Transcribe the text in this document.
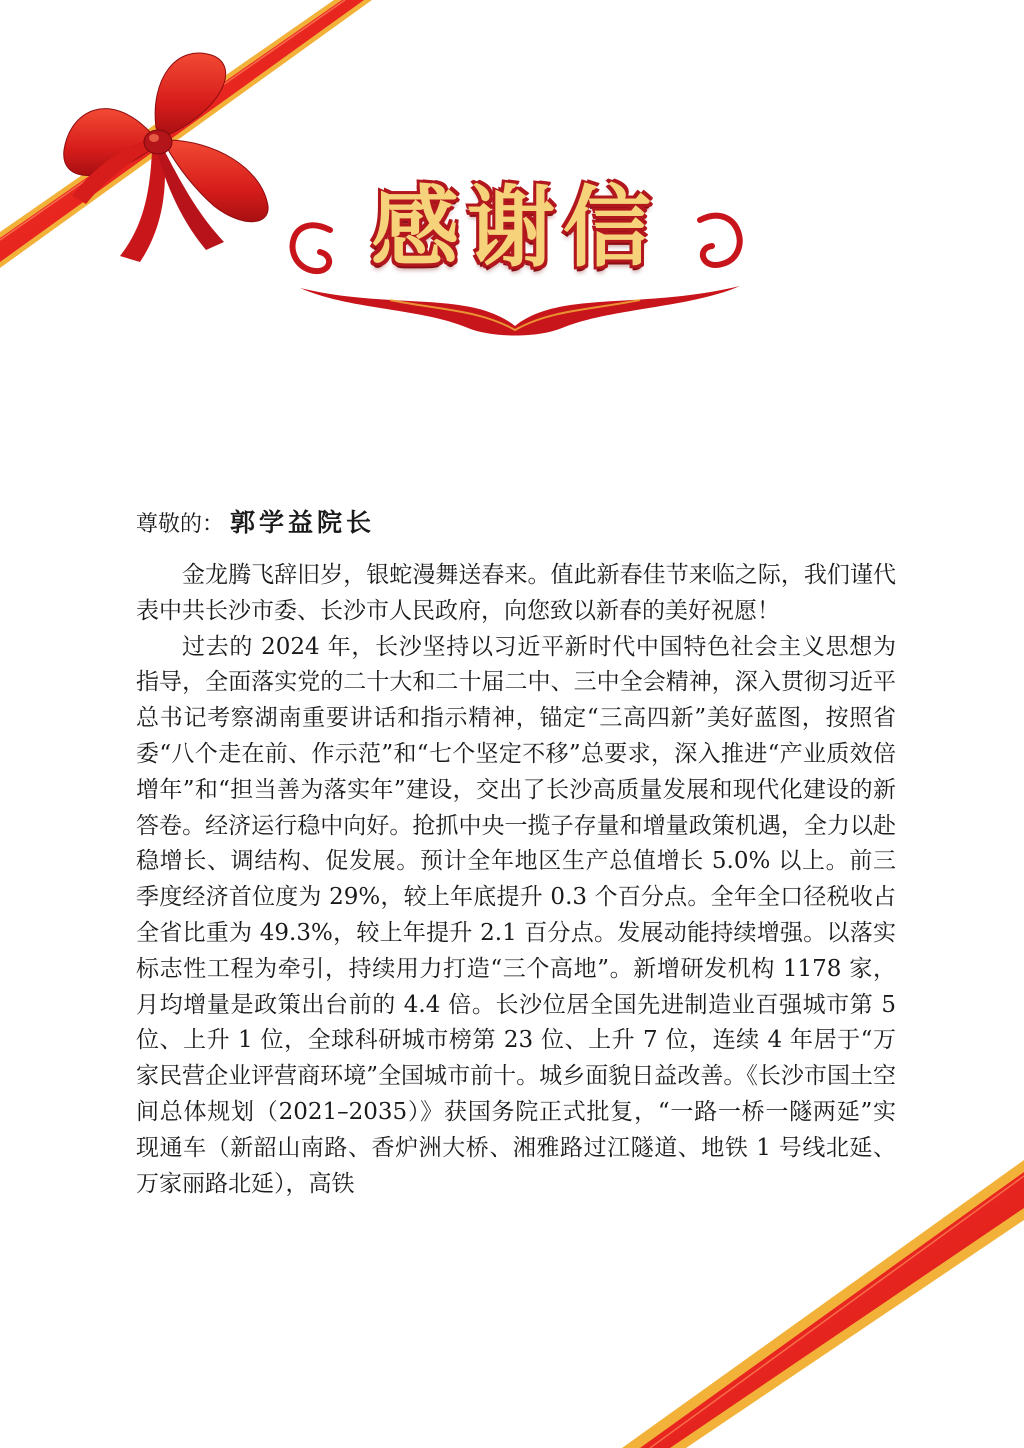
感谢信
尊敬的： 郭学益院长

金龙腾飞辞旧岁，银蛇漫舞送春来。值此新春佳节来临之际，我们谨代表中共长沙市委、长沙市人民政府，向您致以新春的美好祝愿！

过去的 2024 年，长沙坚持以习近平新时代中国特色社会主义思想为指导，全面落实党的二十大和二十届二中、三中全会精神，深入贯彻习近平总书记考察湖南重要讲话和指示精神，锚定“三高四新”美好蓝图，按照省委“八个走在前、作示范”和“七个坚定不移”总要求，深入推进“产业质效倍增年”和“担当善为落实年”建设，交出了长沙高质量发展和现代化建设的新答卷。经济运行稳中向好。抢抓中央一揽子存量和增量政策机遇，全力以赴稳增长、调结构、促发展。预计全年地区生产总值增长 5.0% 以上。前三季度经济首位度为 29%，较上年底提升 0.3 个百分点。全年全口径税收占全省比重为 49.3%，较上年提升 2.1 百分点。发展动能持续增强。以落实标志性工程为牵引，持续用力打造“三个高地”。新增研发机构 1178 家，月均增量是政策出台前的 4.4 倍。长沙位居全国先进制造业百强城市第 5 位、上升 1 位，全球科研城市榜第 23 位、上升 7 位，连续 4 年居于“万家民营企业评营商环境”全国城市前十。城乡面貌日益改善。《长沙市国土空间总体规划（2021–2035）》获国务院正式批复，“一路一桥一隧两延”实现通车（新韶山南路、香炉洲大桥、湘雅路过江隧道、地铁 1 号线北延、万家丽路北延），高铁
